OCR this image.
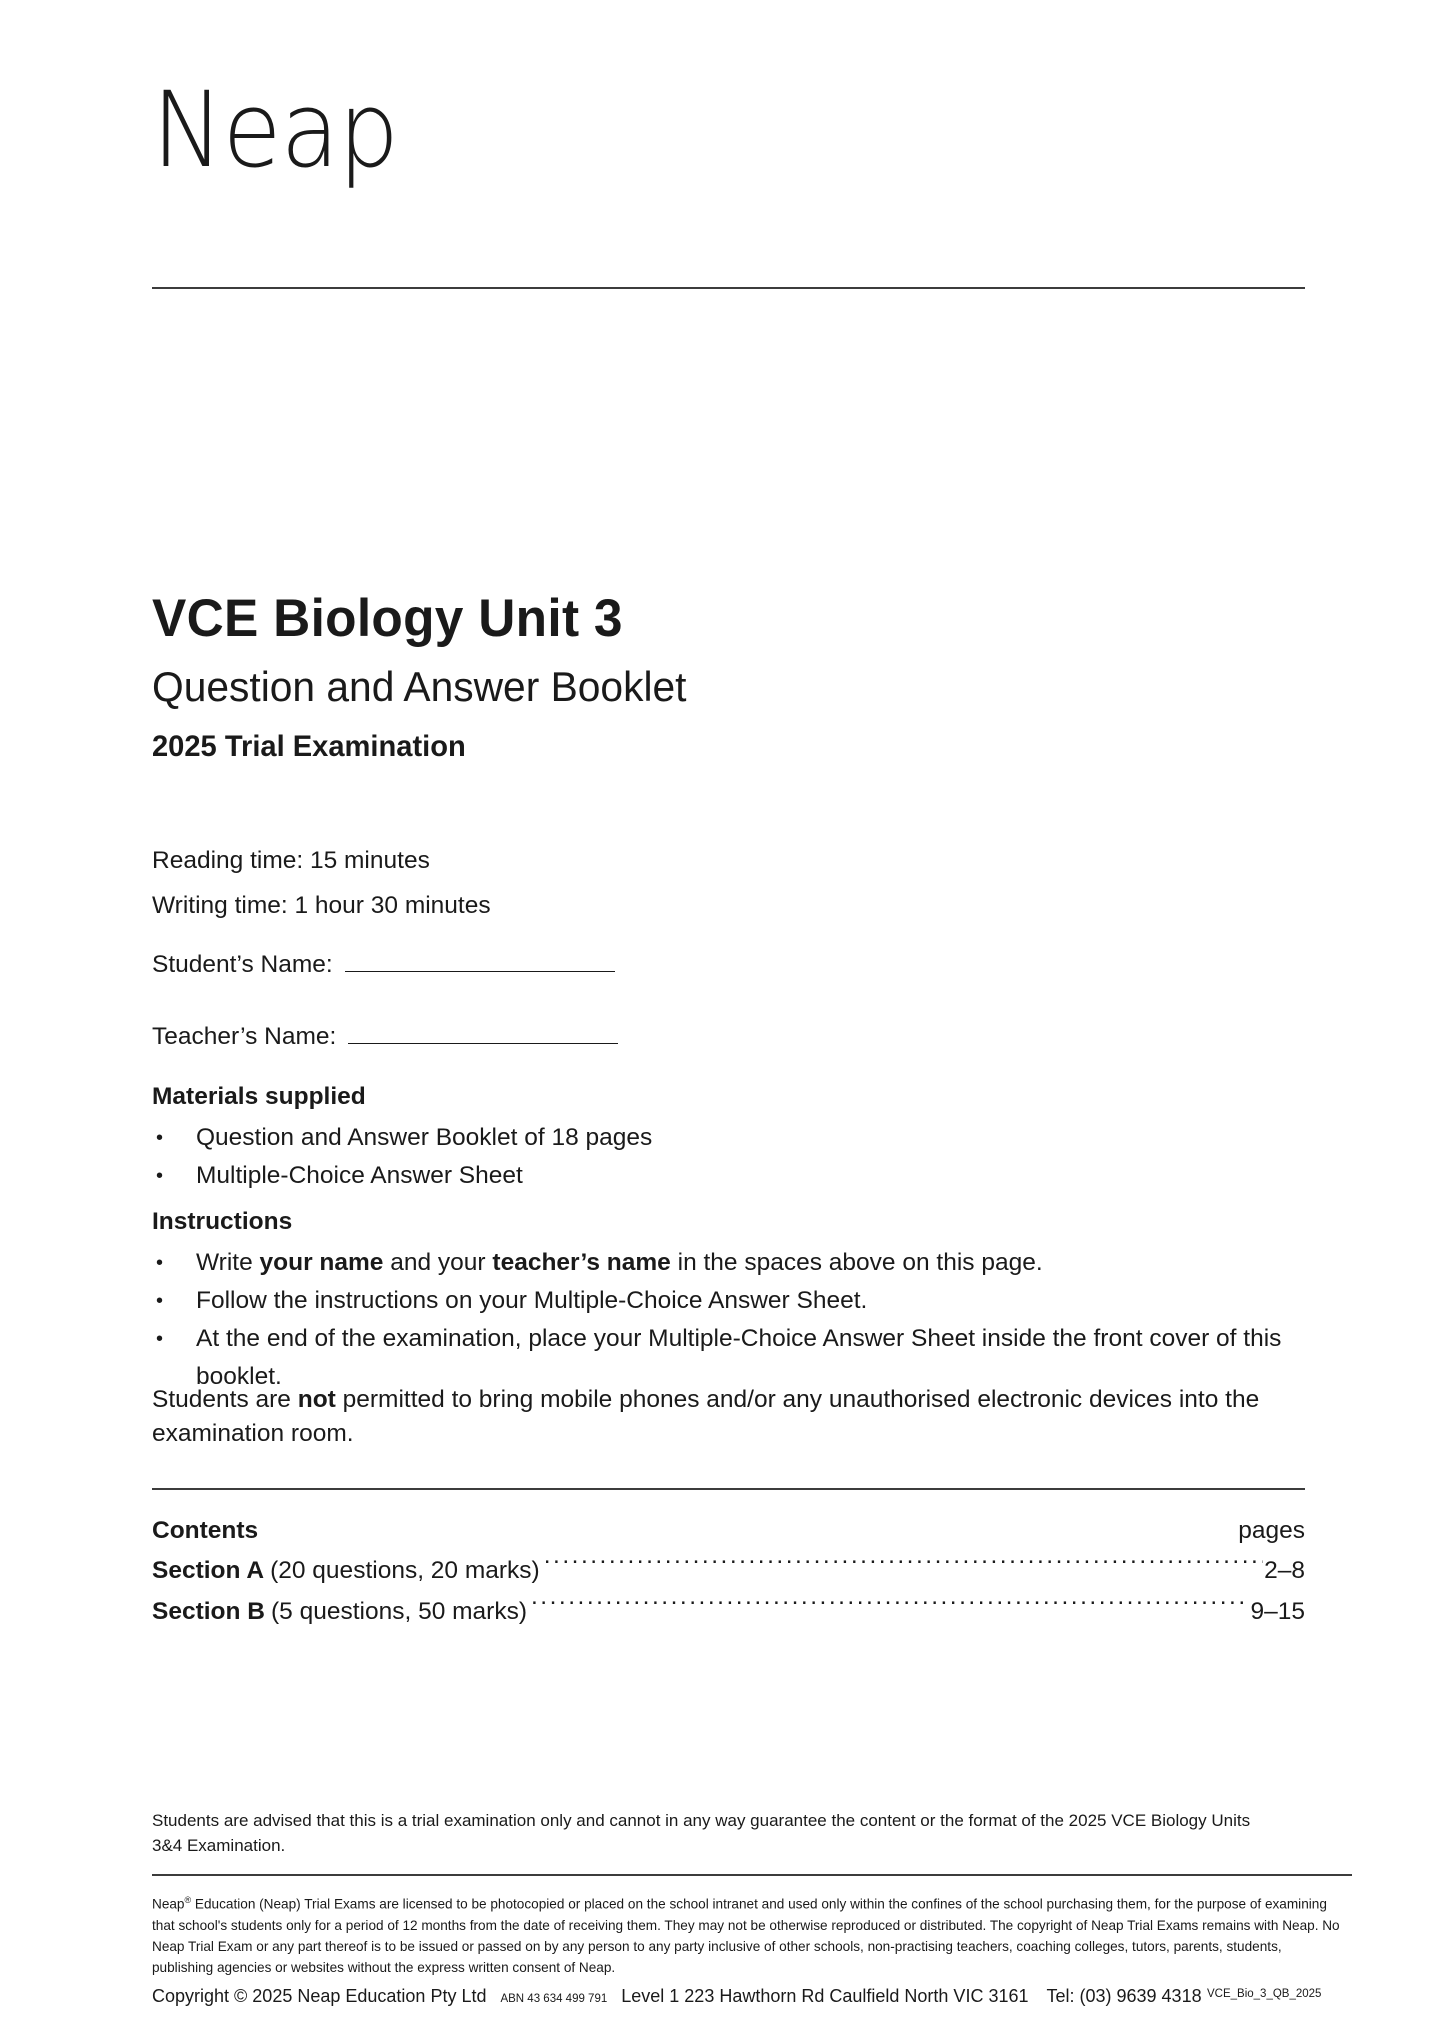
Neap
VCE Biology Unit 3
Question and Answer Booklet
2025 Trial Examination
Reading time: 15 minutes
Writing time: 1 hour 30 minutes
Student’s Name:
Teacher’s Name:
Materials supplied
• Question and Answer Booklet of 18 pages
• Multiple-Choice Answer Sheet
Instructions
• Write your name and your teacher’s name in the spaces above on this page.
• Follow the instructions on your Multiple-Choice Answer Sheet.
• At the end of the examination, place your Multiple-Choice Answer Sheet inside the front cover of this booklet.
Students are not permitted to bring mobile phones and/or any unauthorised electronic devices into the examination room.
Contents	pages
Section A (20 questions, 20 marks) .....	2–8
Section B (5 questions, 50 marks) .....	9–15
Students are advised that this is a trial examination only and cannot in any way guarantee the content or the format of the 2025 VCE Biology Units 3&4 Examination.
Neap® Education (Neap) Trial Exams are licensed to be photocopied or placed on the school intranet and used only within the confines of the school purchasing them, for the purpose of examining that school's students only for a period of 12 months from the date of receiving them. They may not be otherwise reproduced or distributed. The copyright of Neap Trial Exams remains with Neap. No Neap Trial Exam or any part thereof is to be issued or passed on by any person to any party inclusive of other schools, non-practising teachers, coaching colleges, tutors, parents, students, publishing agencies or websites without the express written consent of Neap.
Copyright © 2025 Neap Education Pty Ltd	ABN 43 634 499 791 Level 1 223 Hawthorn Rd Caulfield North VIC 3161	Tel: (03) 9639 4318 VCE_Bio_3_QB_2025
